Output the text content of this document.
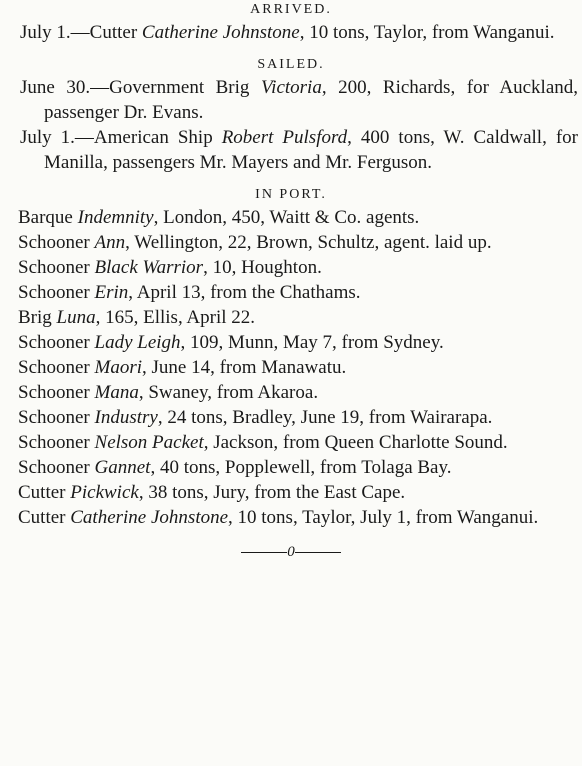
ARRIVED.
July 1.—Cutter Catherine Johnstone, 10 tons, Taylor, from Wanganui.
SAILED.
June 30.—Government Brig Victoria, 200, Richards, for Auckland, passenger Dr. Evans.
July 1.—American Ship Robert Pulsford, 400 tons, W. Caldwall, for Manilla, passengers Mr. Mayers and Mr. Ferguson.
IN PORT.
Barque Indemnity, London, 450, Waitt & Co. agents.
Schooner Ann, Wellington, 22, Brown, Schultz, agent. laid up.
Schooner Black Warrior, 10, Houghton.
Schooner Erin, April 13, from the Chathams.
Brig Luna, 165, Ellis, April 22.
Schooner Lady Leigh, 109, Munn, May 7, from Sydney.
Schooner Maori, June 14, from Manawatu.
Schooner Mana, Swaney, from Akaroa.
Schooner Industry, 24 tons, Bradley, June 19, from Wairarapa.
Schooner Nelson Packet, Jackson, from Queen Charlotte Sound.
Schooner Gannet, 40 tons, Popplewell, from Tolaga Bay.
Cutter Pickwick, 38 tons, Jury, from the East Cape.
Cutter Catherine Johnstone, 10 tons, Taylor, July 1, from Wanganui.
0
